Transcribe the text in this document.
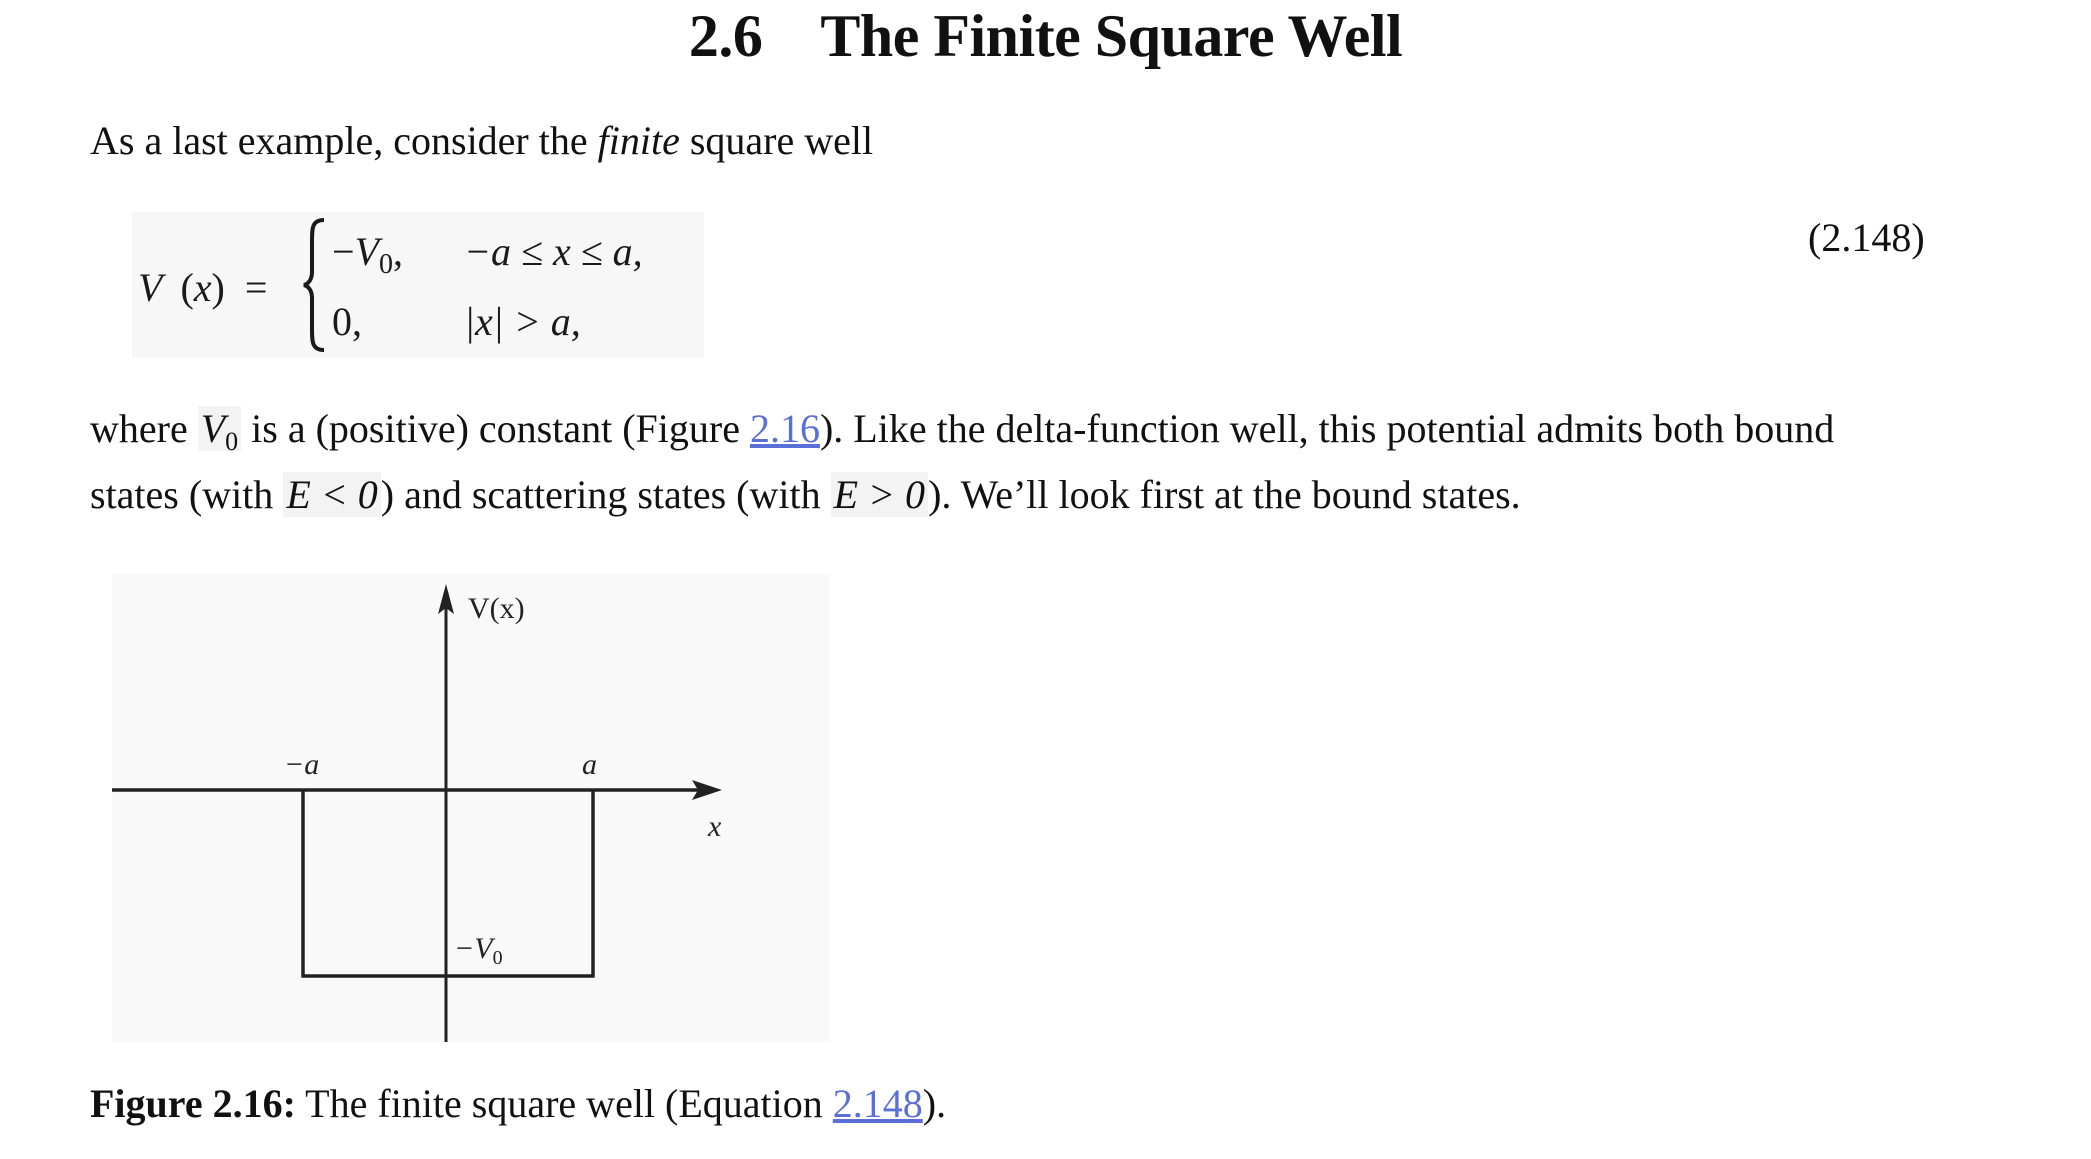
2.6 The Finite Square Well
As a last example, consider the finite square well
V (x) =
$-V_0$, −a ≤ x ≤ a,
0,	|x| > a,
(2.148)
where $V_0$ is a (positive) constant (Figure 2.16). Like the delta-function well, this potential admits both bound
states (with E < 0) and scattering states (with E > 0). We’ll look first at the bound states.
V(x)
x
−a	a
$-V_0$
Figure 2.16: The finite square well (Equation 2.148).
